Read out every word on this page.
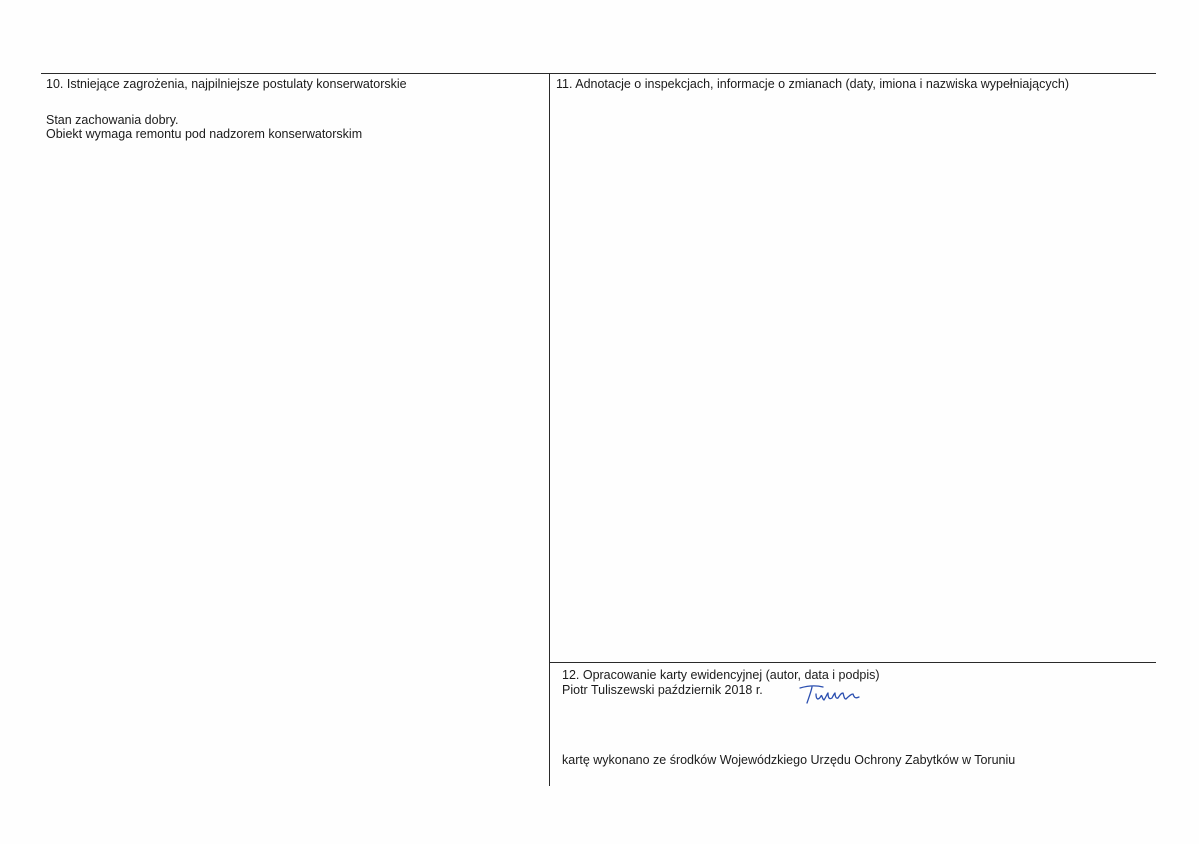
10. Istniejące zagrożenia, najpilniejsze postulaty konserwatorskie
Stan zachowania dobry.
Obiekt wymaga remontu pod nadzorem konserwatorskim
11. Adnotacje o inspekcjach, informacje o zmianach (daty, imiona i nazwiska wypełniających)
12. Opracowanie karty ewidencyjnej (autor, data i podpis)
Piotr Tuliszewski październik 2018 r.
kartę wykonano ze środków Wojewódzkiego Urzędu Ochrony Zabytków w Toruniu
